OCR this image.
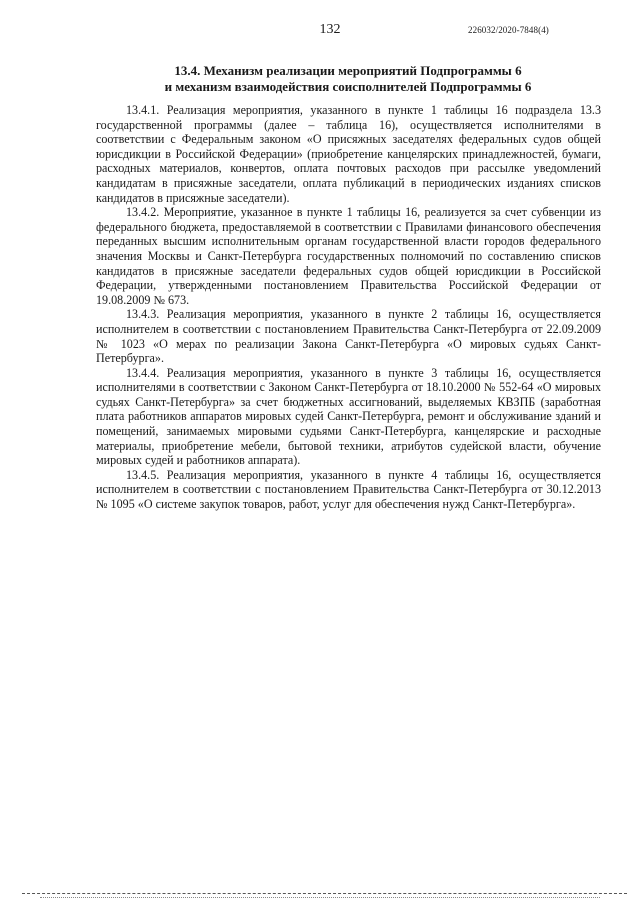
132	226032/2020-7848(4)
13.4. Механизм реализации мероприятий Подпрограммы 6
и механизм взаимодействия соисполнителей Подпрограммы 6

13.4.1. Реализация мероприятия, указанного в пункте 1 таблицы 16 подраздела 13.3 государственной программы (далее – таблица 16), осуществляется исполнителями в соответствии с Федеральным законом «О присяжных заседателях федеральных судов общей юрисдикции в Российской Федерации» (приобретение канцелярских принадлежностей, бумаги, расходных материалов, конвертов, оплата почтовых расходов при рассылке уведомлений кандидатам в присяжные заседатели, оплата публикаций в периодических изданиях списков кандидатов в присяжные заседатели).

13.4.2. Мероприятие, указанное в пункте 1 таблицы 16, реализуется за счет субвенции из федерального бюджета, предоставляемой в соответствии с Правилами финансового обеспечения переданных высшим исполнительным органам государственной власти городов федерального значения Москвы и Санкт-Петербурга государственных полномочий по составлению списков кандидатов в присяжные заседатели федеральных судов общей юрисдикции в Российской Федерации, утвержденными постановлением Правительства Российской Федерации от 19.08.2009 № 673.

13.4.3. Реализация мероприятия, указанного в пункте 2 таблицы 16, осуществляется исполнителем в соответствии с постановлением Правительства Санкт-Петербурга от 22.09.2009 № 1023 «О мерах по реализации Закона Санкт-Петербурга «О мировых судьях Санкт-Петербурга».

13.4.4. Реализация мероприятия, указанного в пункте 3 таблицы 16, осуществляется исполнителями в соответствии с Законом Санкт-Петербурга от 18.10.2000 № 552-64 «О мировых судьях Санкт-Петербурга» за счет бюджетных ассигнований, выделяемых КВЗПБ (заработная плата работников аппаратов мировых судей Санкт-Петербурга, ремонт и обслуживание зданий и помещений, занимаемых мировыми судьями Санкт-Петербурга, канцелярские и расходные материалы, приобретение мебели, бытовой техники, атрибутов судейской власти, обучение мировых судей и работников аппарата).

13.4.5. Реализация мероприятия, указанного в пункте 4 таблицы 16, осуществляется исполнителем в соответствии с постановлением Правительства Санкт-Петербурга от 30.12.2013 № 1095 «О системе закупок товаров, работ, услуг для обеспечения нужд Санкт-Петербурга».
